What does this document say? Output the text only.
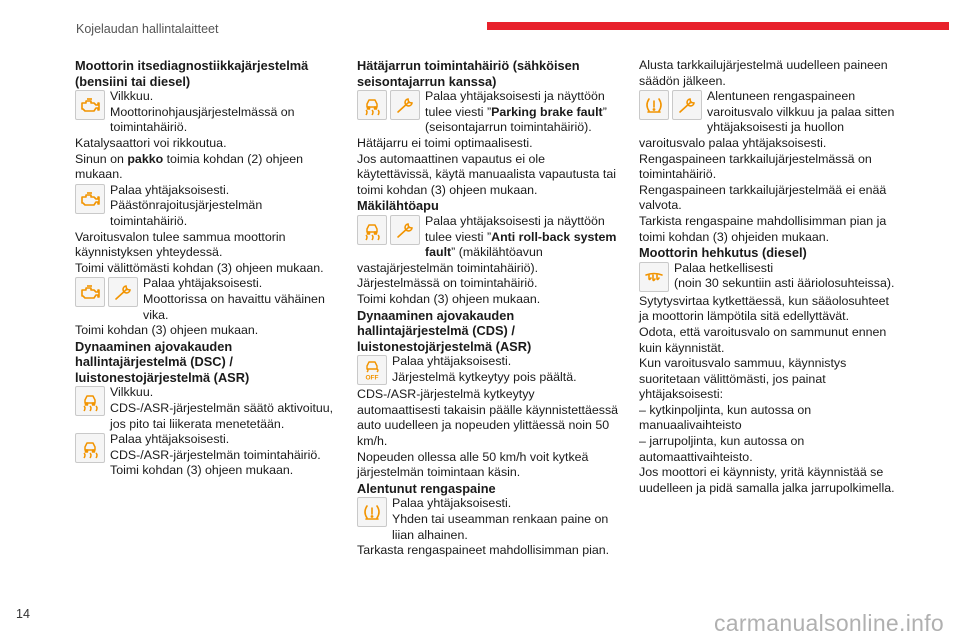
Kojelaudan hallintalaitteet

Moottorin itsediagnostiikkajärjestelmä (bensiini tai diesel)

Vilkkuu.

Moottorinohjausjärjestelmässä on toimintahäiriö.

Katalysaattori voi rikkoutua.

Sinun on pakko toimia kohdan (2) ohjeen mukaan.

Palaa yhtäjaksoisesti.

Päästönrajoitusjärjestelmän toimintahäiriö.

Varoitusvalon tulee sammua moottorin käynnistyksen yhteydessä.

Toimi välittömästi kohdan (3) ohjeen mukaan.

Palaa yhtäjaksoisesti.

Moottorissa on havaittu vähäinen vika.

Toimi kohdan (3) ohjeen mukaan.

Dynaaminen ajovakauden hallintajärjestelmä (DSC) / luistonestojärjestelmä (ASR)

Vilkkuu.

CDS-/ASR-järjestelmän säätö aktivoituu, jos pito tai liikerata menetetään.

Palaa yhtäjaksoisesti.

CDS-/ASR-järjestelmän toimintahäiriö. Toimi kohdan (3) ohjeen mukaan.

Hätäjarrun toimintahäiriö (sähköisen seisontajarrun kanssa)

Palaa yhtäjaksoisesti ja näyttöön tulee viesti ”Parking brake fault” (seisontajarrun toimintahäiriö).

Hätäjarru ei toimi optimaalisesti.

Jos automaattinen vapautus ei ole käytettävissä, käytä manuaalista vapautusta tai toimi kohdan (3) ohjeen mukaan.

Mäkilähtöapu

Palaa yhtäjaksoisesti ja näyttöön tulee viesti ”Anti roll-back system fault” (mäkilähtöavun vastajärjestelmän toimintahäiriö).

Järjestelmässä on toimintahäiriö.

Toimi kohdan (3) ohjeen mukaan.

Dynaaminen ajovakauden hallintajärjestelmä (CDS) / luistonestojärjestelmä (ASR)

OFF

Palaa yhtäjaksoisesti.

Järjestelmä kytkeytyy pois päältä.

CDS-/ASR-järjestelmä kytkeytyy automaattisesti takaisin päälle käynnistettäessä auto uudelleen ja nopeuden ylittäessä noin 50 km/h.

Nopeuden ollessa alle 50 km/h voit kytkeä järjestelmän toimintaan käsin.

Alentunut rengaspaine

Palaa yhtäjaksoisesti.

Yhden tai useamman renkaan paine on liian alhainen.

Tarkasta rengaspaineet mahdollisimman pian.

Alusta tarkkailujärjestelmä uudelleen paineen säädön jälkeen.

Alentuneen rengaspaineen varoitusvalo vilkkuu ja palaa sitten yhtäjaksoisesti ja huollon varoitusvalo palaa yhtäjaksoisesti.

Rengaspaineen tarkkailujärjestelmässä on toimintahäiriö.

Rengaspaineen tarkkailujärjestelmää ei enää valvota.

Tarkista rengaspaine mahdollisimman pian ja toimi kohdan (3) ohjeiden mukaan.

Moottorin hehkutus (diesel)

Palaa hetkellisesti

(noin 30 sekuntiin asti ääriolosuhteissa).

Sytytysvirtaa kytkettäessä, kun sääolosuhteet ja moottorin lämpötila sitä edellyttävät.

Odota, että varoitusvalo on sammunut ennen kuin käynnistät.

Kun varoitusvalo sammuu, käynnistys suoritetaan välittömästi, jos painat yhtäjaksoisesti:

– kytkinpoljinta, kun autossa on manuaalivaihteisto

– jarrupoljinta, kun autossa on automaattivaihteisto.

Jos moottori ei käynnisty, yritä käynnistää se uudelleen ja pidä samalla jalka jarrupolkimella.

14	carmanualsonline.info
